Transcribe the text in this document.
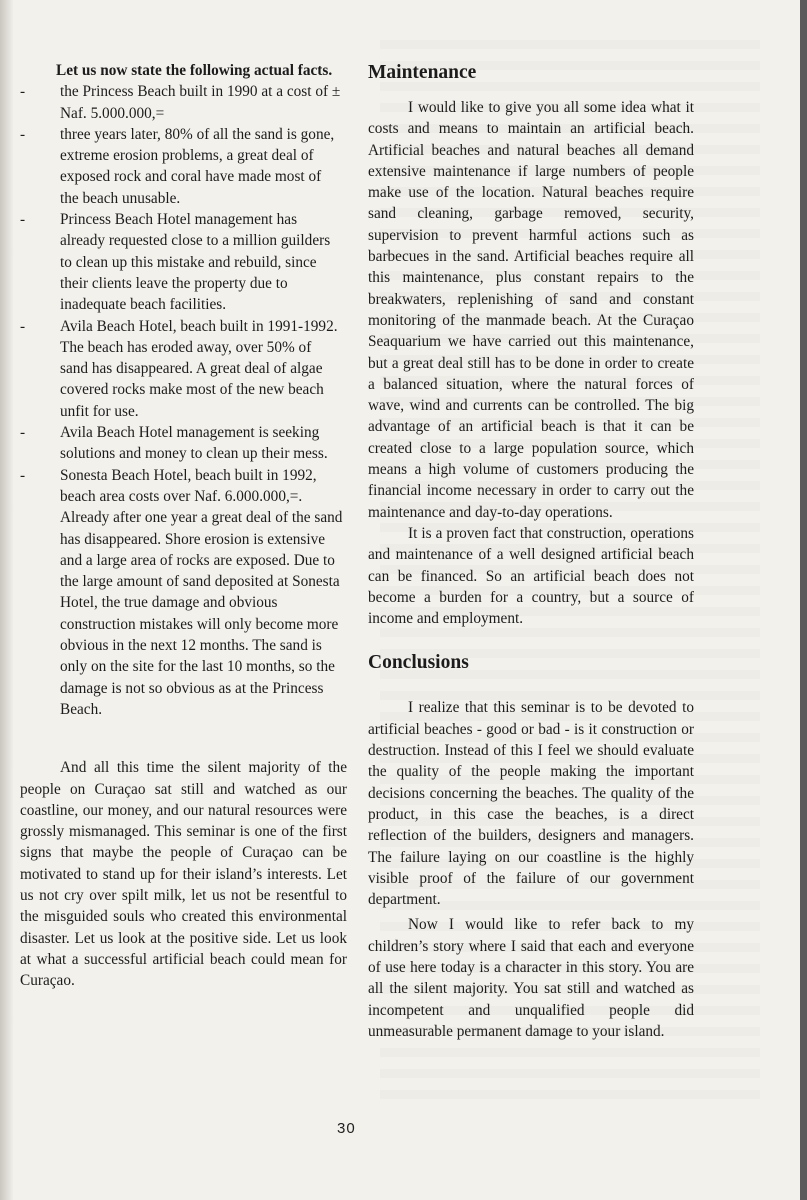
Let us now state the following actual facts.

- the Princess Beach built in 1990 at a cost of ± Naf. 5.000.000,=
- three years later, 80% of all the sand is gone, extreme erosion problems, a great deal of exposed rock and coral have made most of the beach unusable.
- Princess Beach Hotel management has already requested close to a million guilders to clean up this mistake and rebuild, since their clients leave the property due to inadequate beach facilities.
- Avila Beach Hotel, beach built in 1991-1992. The beach has eroded away, over 50% of sand has disappeared. A great deal of algae covered rocks make most of the new beach unfit for use.
- Avila Beach Hotel management is seeking solutions and money to clean up their mess.
- Sonesta Beach Hotel, beach built in 1992, beach area costs over Naf. 6.000.000,=. Already after one year a great deal of the sand has disappeared. Shore erosion is extensive and a large area of rocks are exposed. Due to the large amount of sand deposited at Sonesta Hotel, the true damage and obvious construction mistakes will only become more obvious in the next 12 months. The sand is only on the site for the last 10 months, so the damage is not so obvious as at the Princess Beach.

And all this time the silent majority of the people on Curaçao sat still and watched as our coastline, our money, and our natural resources were grossly mismanaged. This seminar is one of the first signs that maybe the people of Curaçao can be motivated to stand up for their island’s interests. Let us not cry over spilt milk, let us not be resentful to the misguided souls who created this environmental disaster. Let us look at the positive side. Let us look at what a successful artificial beach could mean for Curaçao.

Maintenance

I would like to give you all some idea what it costs and means to maintain an artificial beach. Artificial beaches and natural beaches all demand extensive maintenance if large numbers of people make use of the location. Natural beaches require sand cleaning, garbage removed, security, supervision to prevent harmful actions such as barbecues in the sand. Artificial beaches require all this maintenance, plus constant repairs to the breakwaters, replenishing of sand and constant monitoring of the manmade beach. At the Curaçao Seaquarium we have carried out this maintenance, but a great deal still has to be done in order to create a balanced situation, where the natural forces of wave, wind and currents can be controlled. The big advantage of an artificial beach is that it can be created close to a large population source, which means a high volume of customers producing the financial income necessary in order to carry out the maintenance and day-to-day operations.

It is a proven fact that construction, operations and maintenance of a well designed artificial beach can be financed. So an artificial beach does not become a burden for a country, but a source of income and employment.

Conclusions

I realize that this seminar is to be devoted to artificial beaches - good or bad - is it construction or destruction. Instead of this I feel we should evaluate the quality of the people making the important decisions concerning the beaches. The quality of the product, in this case the beaches, is a direct reflection of the builders, designers and managers. The failure laying on our coastline is the highly visible proof of the failure of our government department.

Now I would like to refer back to my children’s story where I said that each and everyone of use here today is a character in this story. You are all the silent majority. You sat still and watched as incompetent and unqualified people did unmeasurable permanent damage to your island.

30
